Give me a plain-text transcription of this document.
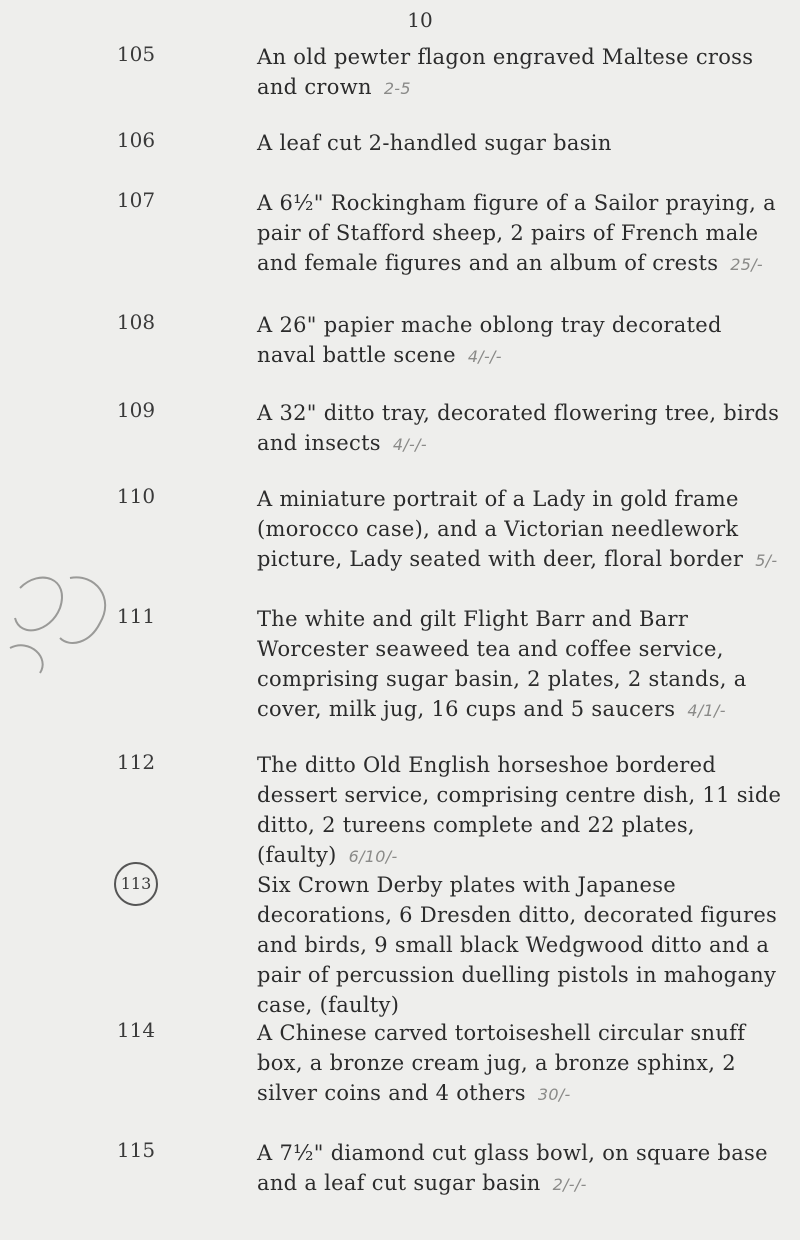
10
105	An old pewter flagon engraved Maltese cross and crown 2-5
106	A leaf cut 2-handled sugar basin
107	A 6½" Rockingham figure of a Sailor praying, a pair of Stafford sheep, 2 pairs of French male and female figures and an album of crests 25/-
108	A 26" papier mache oblong tray decorated naval battle scene 4/-/-
109	A 32" ditto tray, decorated flowering tree, birds and insects 4/-/-
110	A miniature portrait of a Lady in gold frame (morocco case), and a Victorian needlework picture, Lady seated with deer, floral border 5/-
111	The white and gilt Flight Barr and Barr Worcester seaweed tea and coffee service, comprising sugar basin, 2 plates, 2 stands, a cover, milk jug, 16 cups and 5 saucers 4/1/-
112	The ditto Old English horseshoe bordered dessert service, comprising centre dish, 11 side ditto, 2 tureens complete and 22 plates, (faulty) 6/10/-
113	Six Crown Derby plates with Japanese decorations, 6 Dresden ditto, decorated figures and birds, 9 small black Wedgwood ditto and a pair of percussion duelling pistols in mahogany case, (faulty)
114	A Chinese carved tortoiseshell circular snuff box, a bronze cream jug, a bronze sphinx, 2 silver coins and 4 others 30/-
115	A 7½" diamond cut glass bowl, on square base and a leaf cut sugar basin 2/-/-
